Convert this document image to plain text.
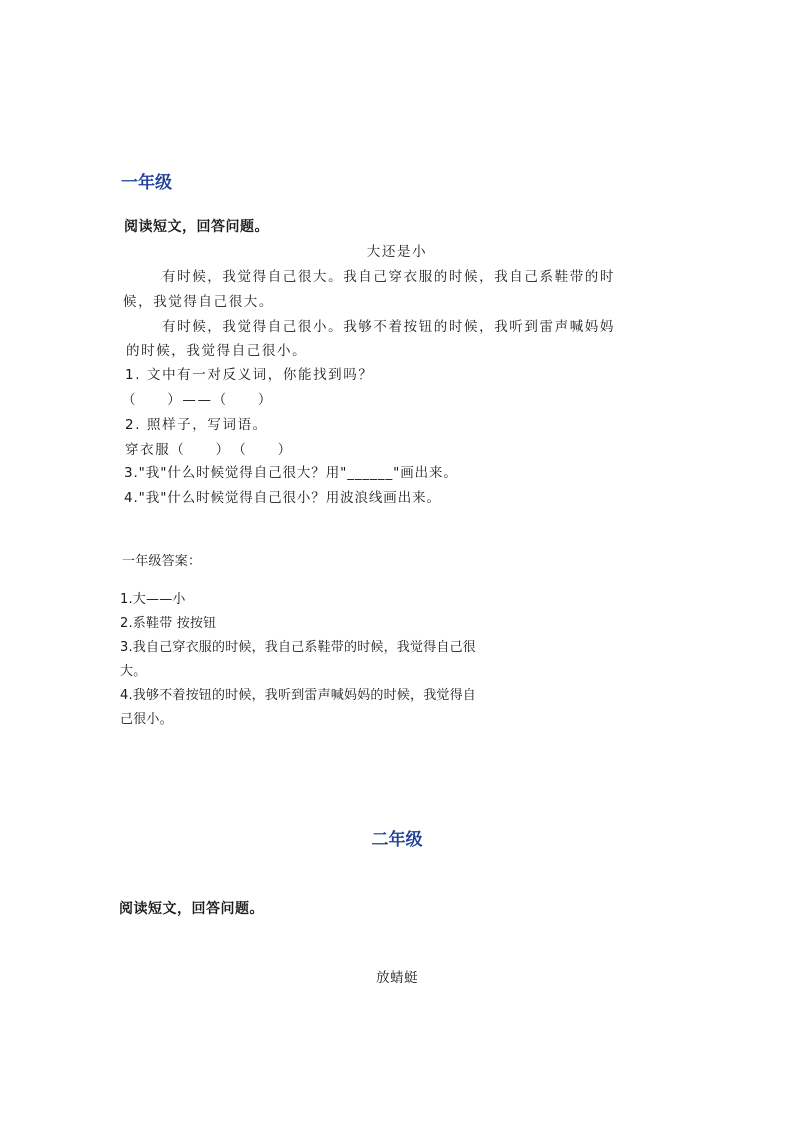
一年级
阅读短文，回答问题。
大还是小
有时候，我觉得自己很大。我自己穿衣服的时候，我自己系鞋带的时
候，我觉得自己很大。
有时候，我觉得自己很小。我够不着按钮的时候，我听到雷声喊妈妈
的时候，我觉得自己很小。
1. 文中有一对反义词，你能找到吗？
（　　）——（　　）
2. 照样子，写词语。
穿衣服（　　）　（　　）
3."我"什么时候觉得自己很大？用"______"画出来。
4."我"什么时候觉得自己很小？用波浪线画出来。
一年级答案：
1.大——小
2.系鞋带 按按钮
3.我自己穿衣服的时候，我自己系鞋带的时候，我觉得自己很
大。
4.我够不着按钮的时候，我听到雷声喊妈妈的时候，我觉得自
己很小。
二年级
阅读短文，回答问题。
放蜻蜓
